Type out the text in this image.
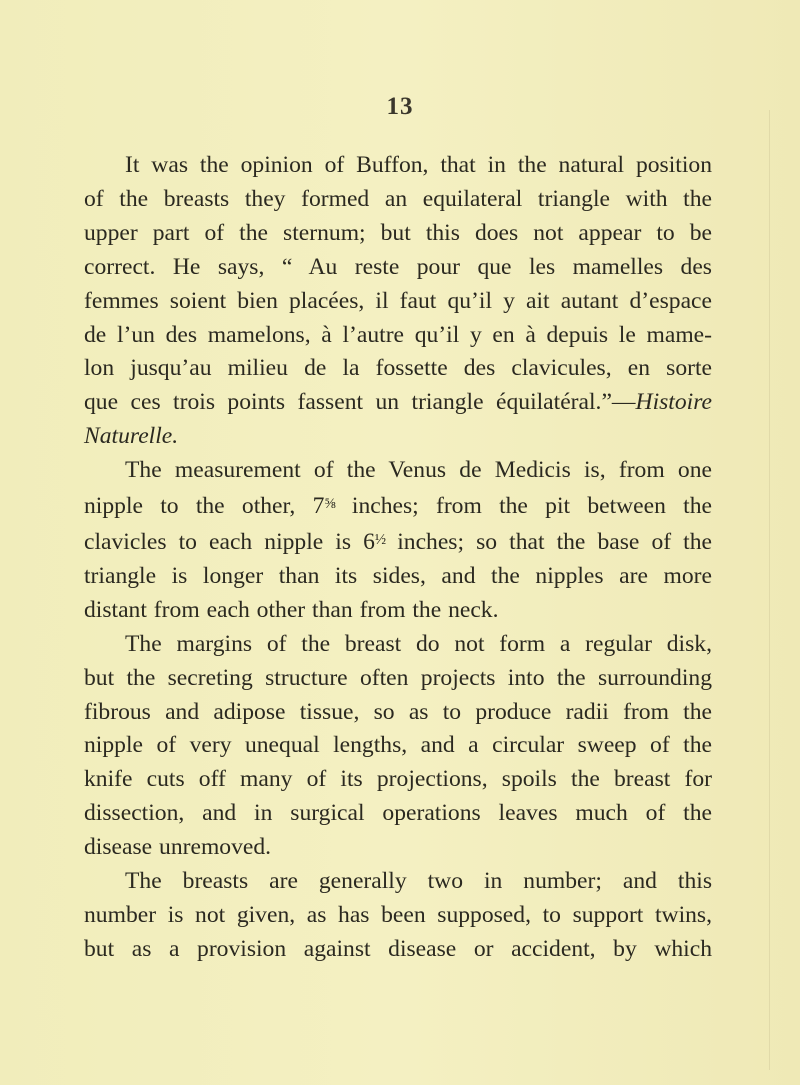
13
It was the opinion of Buffon, that in the natural position
of the breasts they formed an equilateral triangle with the
upper part of the sternum; but this does not appear to be
correct. He says, “ Au reste pour que les mamelles des
femmes soient bien placées, il faut qu’il y ait autant d’espace
de l’un des mamelons, à l’autre qu’il y en à depuis le mame-
lon jusqu’au milieu de la fossette des clavicules, en sorte
que ces trois points fassent un triangle équilatéral.”—Histoire
Naturelle.
The measurement of the Venus de Medicis is, from one
nipple to the other, $7^{\frac{5}{8}}$ inches; from the pit between the
clavicles to each nipple is $6^{\frac{1}{2}}$ inches; so that the base of the
triangle is longer than its sides, and the nipples are more
distant from each other than from the neck.
The margins of the breast do not form a regular disk,
but the secreting structure often projects into the surrounding
fibrous and adipose tissue, so as to produce radii from the
nipple of very unequal lengths, and a circular sweep of the
knife cuts off many of its projections, spoils the breast for
dissection, and in surgical operations leaves much of the
disease unremoved.
The breasts are generally two in number; and this
number is not given, as has been supposed, to support twins,
but as a provision against disease or accident, by which
